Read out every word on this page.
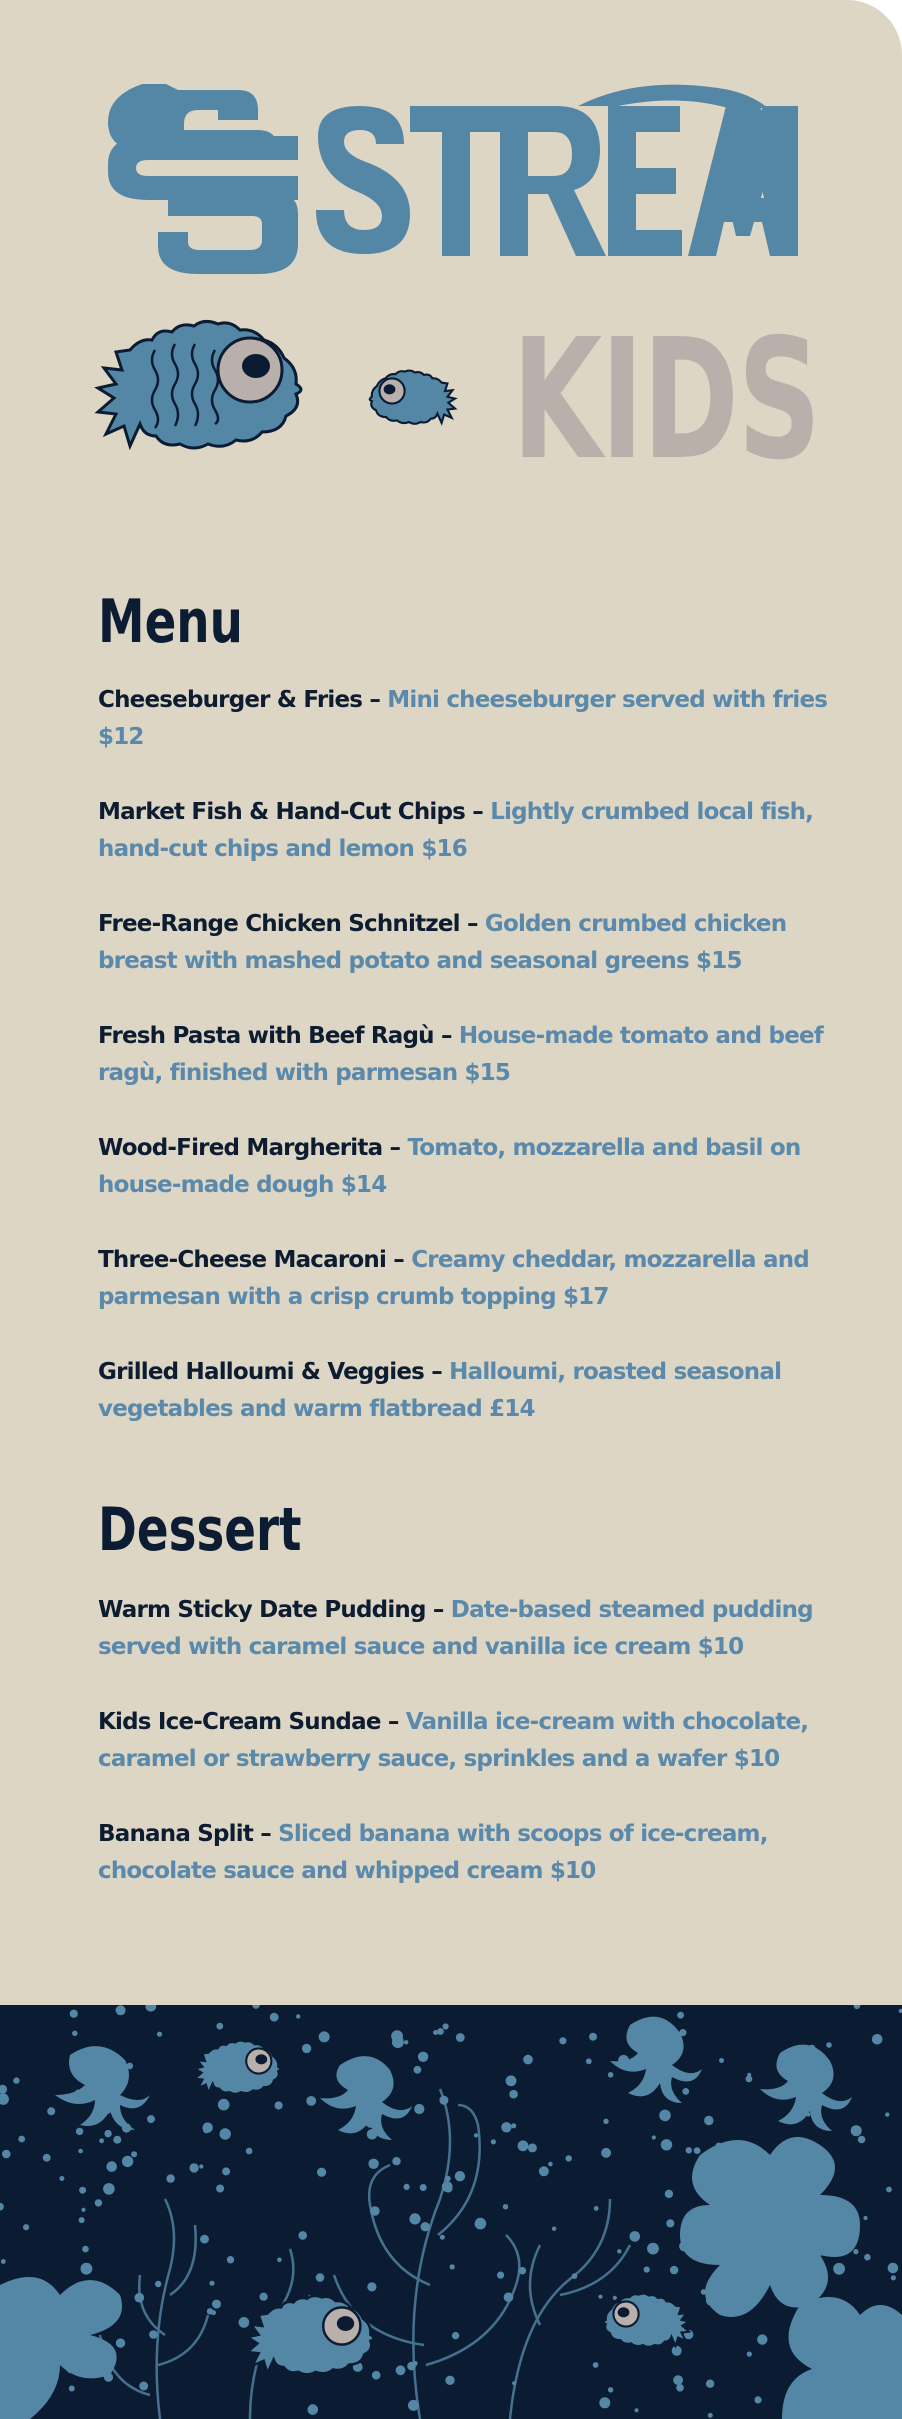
KIDS
Menu

Cheeseburger & Fries – Mini cheeseburger served with fries $12

Market Fish & Hand-Cut Chips – Lightly crumbed local fish, hand-cut chips and lemon $16

Free-Range Chicken Schnitzel – Golden crumbed chicken breast with mashed potato and seasonal greens $15

Fresh Pasta with Beef Ragù – House-made tomato and beef ragù, finished with parmesan $15

Wood-Fired Margherita – Tomato, mozzarella and basil on house-made dough $14

Three-Cheese Macaroni – Creamy cheddar, mozzarella and parmesan with a crisp crumb topping $17

Grilled Halloumi & Veggies – Halloumi, roasted seasonal vegetables and warm flatbread £14

Dessert

Warm Sticky Date Pudding – Date-based steamed pudding served with caramel sauce and vanilla ice cream $10

Kids Ice-Cream Sundae – Vanilla ice-cream with chocolate, caramel or strawberry sauce, sprinkles and a wafer $10

Banana Split – Sliced banana with scoops of ice-cream, chocolate sauce and whipped cream $10
